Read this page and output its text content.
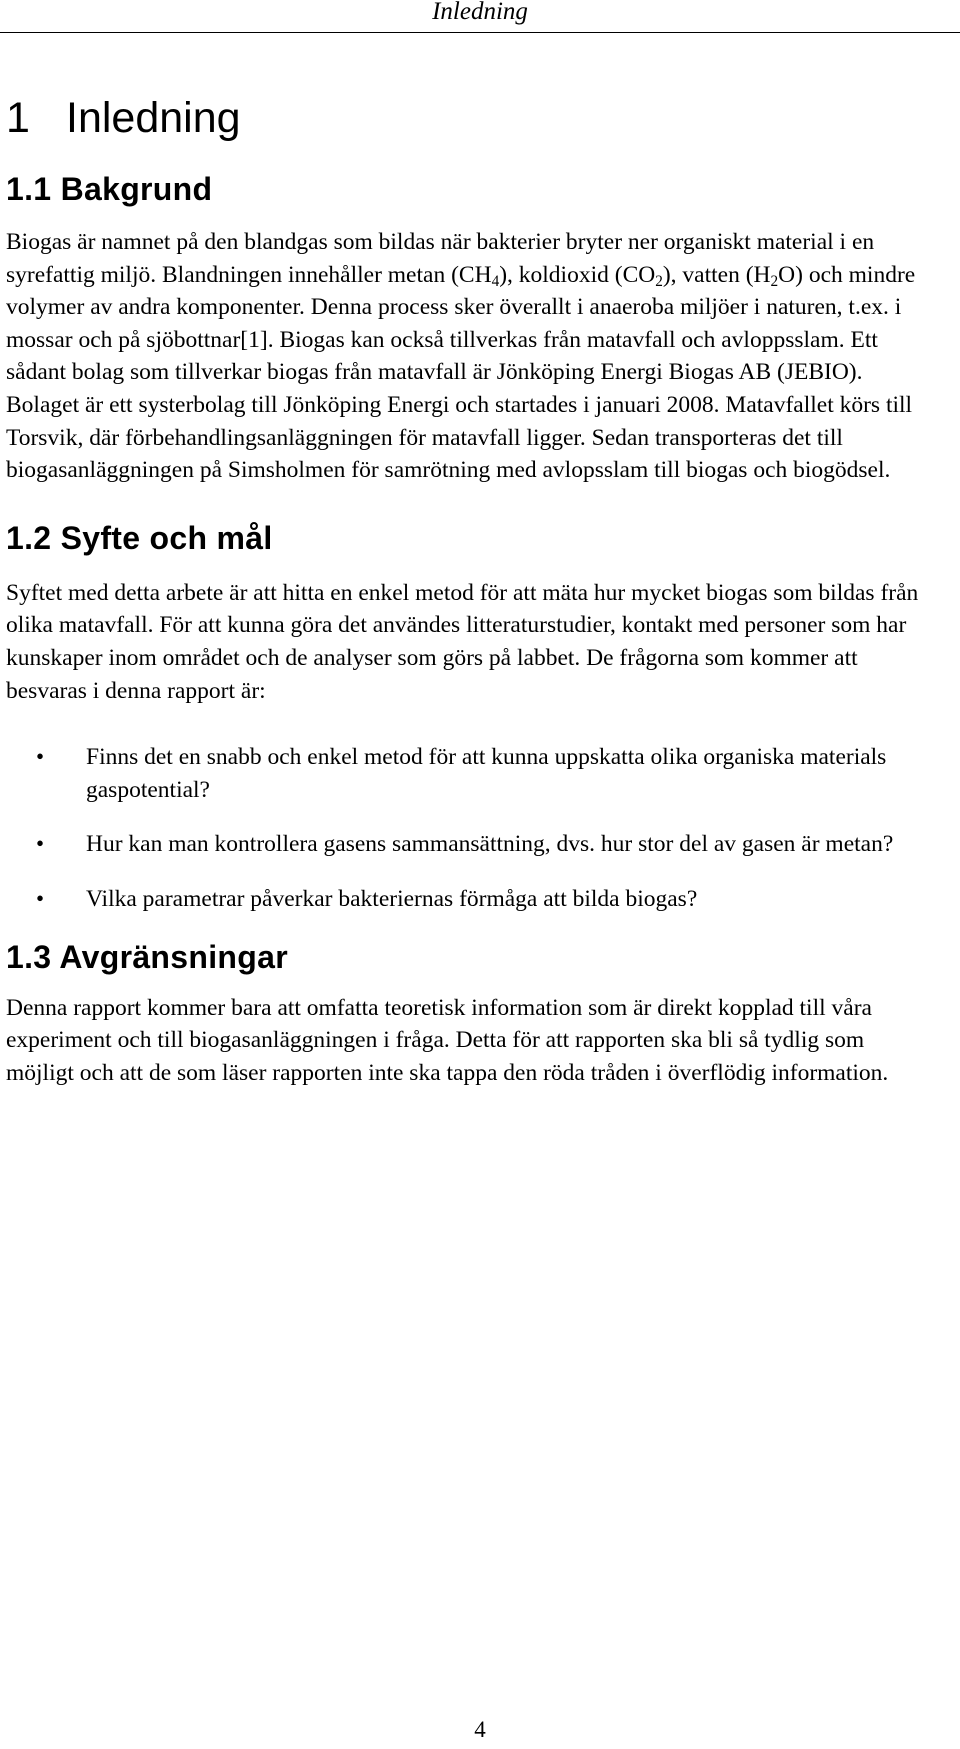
Inledning
1 Inledning
1.1 Bakgrund

Biogas är namnet på den blandgas som bildas när bakterier bryter ner organiskt material i en syrefattig miljö. Blandningen innehåller metan $(CH_4)$, koldioxid $(CO_2)$, vatten $(H_2O)$ och mindre volymer av andra komponenter. Denna process sker överallt i anaeroba miljöer i naturen, t.ex. i mossar och på sjöbottnar[1]. Biogas kan också tillverkas från matavfall och avloppsslam. Ett sådant bolag som tillverkar biogas från matavfall är Jönköping Energi Biogas AB (JEBIO). Bolaget är ett systerbolag till Jönköping Energi och startades i januari 2008. Matavfallet körs till Torsvik, där förbehandlingsanläggningen för matavfall ligger. Sedan transporteras det till biogasanläggningen på Simsholmen för samrötning med avlopsslam till biogas och biogödsel.

1.2 Syfte och mål

Syftet med detta arbete är att hitta en enkel metod för att mäta hur mycket biogas som bildas från olika matavfall. För att kunna göra det användes litteraturstudier, kontakt med personer som har kunskaper inom området och de analyser som görs på labbet. De frågorna som kommer att besvaras i denna rapport är:

• Finns det en snabb och enkel metod för att kunna uppskatta olika organiska materials gaspotential?
• Hur kan man kontrollera gasens sammansättning, dvs. hur stor del av gasen är metan?
• Vilka parametrar påverkar bakteriernas förmåga att bilda biogas?
1.3 Avgränsningar

Denna rapport kommer bara att omfatta teoretisk information som är direkt kopplad till våra experiment och till biogasanläggningen i fråga. Detta för att rapporten ska bli så tydlig som möjligt och att de som läser rapporten inte ska tappa den röda tråden i överflödig information.

4
